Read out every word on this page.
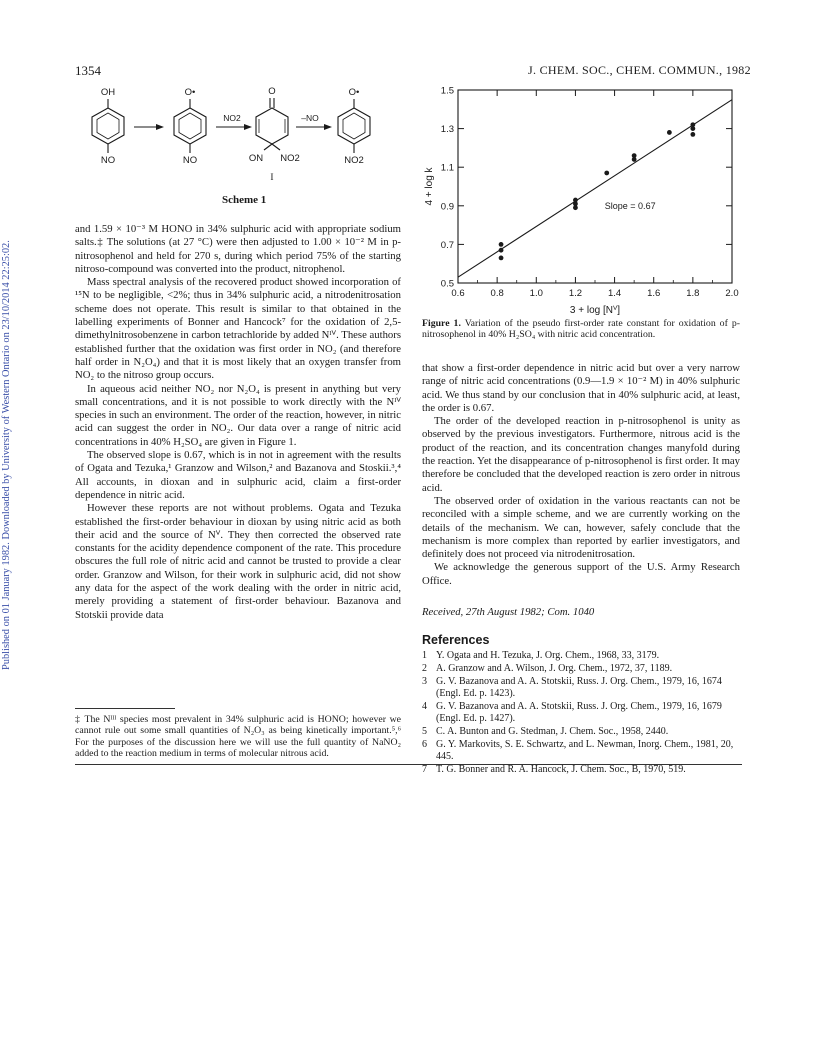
1354	J. CHEM. SOC., CHEM. COMMUN., 1982
Published on 01 January 1982. Downloaded by University of Western Ontario on 23/10/2014 22:25:02.
OH
NO
O•
NO
NO2
O
ON NO2
I
–NO
O•
NO2
Scheme 1

and 1.59 × 10⁻³ M HONO in 34% sulphuric acid with appropriate sodium salts.‡ The solutions (at 27 °C) were then adjusted to 1.00 × 10⁻² M in p-nitrosophenol and held for 270 s, during which period 75% of the starting nitroso-compound was converted into the product, nitrophenol.

Mass spectral analysis of the recovered product showed incorporation of ¹⁵N to be negligible, <2%; thus in 34% sulphuric acid, a nitrodenitrosation scheme does not operate. This result is similar to that obtained in the labelling experiments of Bonner and Hancock⁷ for the oxidation of 2,5-dimethylnitrosobenzene in carbon tetrachloride by added Nᴵⱽ. These authors established further that the oxidation was first order in NO₂ (and therefore half order in N₂O₄) and that it is most likely that an oxygen transfer from NO₂ to the nitroso group occurs.

In aqueous acid neither NO₂ nor N₂O₄ is present in anything but very small concentrations, and it is not possible to work directly with the Nᴵⱽ species in such an environment. The order of the reaction, however, in nitric acid can suggest the order in NO₂. Our data over a range of nitric acid concentrations in 40% H₂SO₄ are given in Figure 1.

The observed slope is 0.67, which is in not in agreement with the results of Ogata and Tezuka,¹ Granzow and Wilson,² and Bazanova and Stoskii.³,⁴ All accounts, in dioxan and in sulphuric acid, claim a first-order dependence in nitric acid.

However these reports are not without problems. Ogata and Tezuka established the first-order behaviour in dioxan by using nitric acid as both their acid and the source of Nⱽ. They then corrected the observed rate constants for the acidity dependence component of the rate. This procedure obscures the full role of nitric acid and cannot be trusted to provide a clear order. Granzow and Wilson, for their work in sulphuric acid, did not show any data for the aspect of the work dealing with the order in nitric acid, merely providing a statement of first-order behaviour. Bazanova and Stotskii provide data

‡ The Nᴵᴵᴵ species most prevalent in 34% sulphuric acid is HONO; however we cannot rule out some small quantities of N₂O₃ as being kinetically important.⁵,⁶ For the purposes of the discussion here we will use the full quantity of NaNO₂ added to the reaction medium in terms of molecular nitrous acid.
0.6	0.8	1.0	1.2	1.4	1.6	1.8	2.0
0.5
0.7
0.9
1.1
1.3
1.5
Slope = 0.67
3 + log [Nⱽ]
4 + log k
Figure 1. Variation of the pseudo first-order rate constant for oxidation of p-nitrosophenol in 40% H₂SO₄ with nitric acid concentration.

that show a first-order dependence in nitric acid but over a very narrow range of nitric acid concentrations (0.9—1.9 × 10⁻² M) in 40% sulphuric acid. We thus stand by our conclusion that in 40% sulphuric acid, at least, the order is 0.67.

The order of the developed reaction in p-nitrosophenol is unity as observed by the previous investigators. Furthermore, nitrous acid is the product of the reaction, and its concentration changes manyfold during the reaction. Yet the disappearance of p-nitrosophenol is first order. It may therefore be concluded that the developed reaction is zero order in nitrous acid.

The observed order of oxidation in the various reactants can not be reconciled with a simple scheme, and we are currently working on the details of the mechanism. We can, however, safely conclude that the mechanism is more complex than reported by earlier investigators, and definitely does not proceed via nitrodenitrosation.

We acknowledge the generous support of the U.S. Army Research Office.

Received, 27th August 1982; Com. 1040
References
1 Y. Ogata and H. Tezuka, J. Org. Chem., 1968, 33, 3179.
2 A. Granzow and A. Wilson, J. Org. Chem., 1972, 37, 1189.
3 G. V. Bazanova and A. A. Stotskii, Russ. J. Org. Chem., 1979, 16, 1674 (Engl. Ed. p. 1423).
4 G. V. Bazanova and A. A. Stotskii, Russ. J. Org. Chem., 1979, 16, 1679 (Engl. Ed. p. 1427).
5 C. A. Bunton and G. Stedman, J. Chem. Soc., 1958, 2440.
6 G. Y. Markovits, S. E. Schwartz, and L. Newman, Inorg. Chem., 1981, 20, 445.
7 T. G. Bonner and R. A. Hancock, J. Chem. Soc., B, 1970, 519.
